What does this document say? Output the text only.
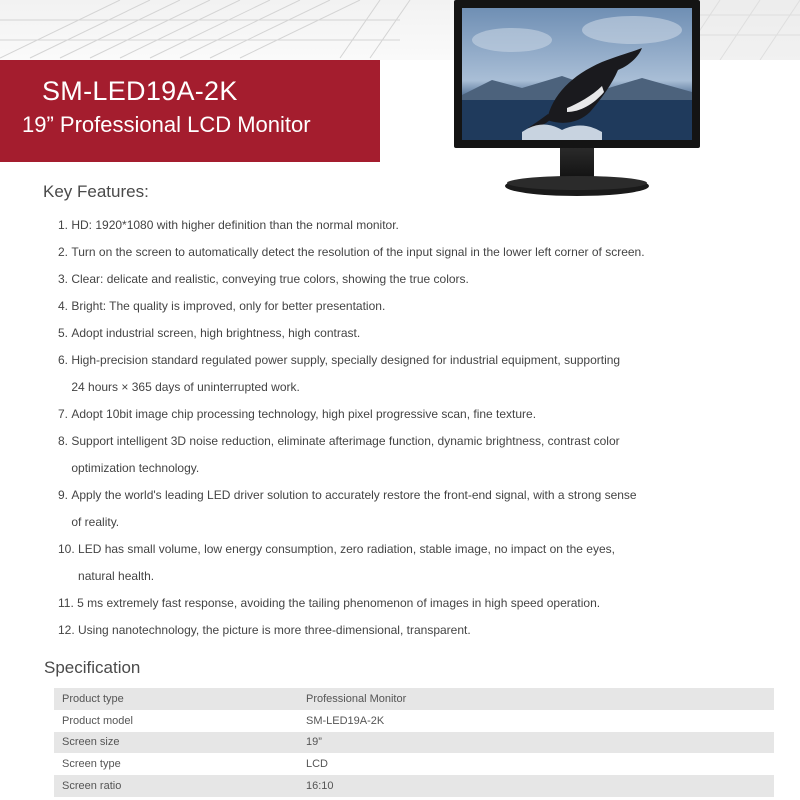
SM-LED19A-2K
19” Professional LCD Monitor
Key Features:
1. HD: 1920*1080 with higher definition than the normal monitor.
2. Turn on the screen to automatically detect the resolution of the input signal in the lower left corner of screen.
3. Clear: delicate and realistic, conveying true colors, showing the true colors.
4. Bright: The quality is improved, only for better presentation.
5. Adopt industrial screen, high brightness, high contrast.
6. High-precision standard regulated power supply, specially designed for industrial equipment, supporting
24 hours × 365 days of uninterrupted work.
7. Adopt 10bit image chip processing technology, high pixel progressive scan, fine texture.
8. Support intelligent 3D noise reduction, eliminate afterimage function, dynamic brightness, contrast color
optimization technology.
9. Apply the world's leading LED driver solution to accurately restore the front-end signal, with a strong sense
of reality.
10. LED has small volume, low energy consumption, zero radiation, stable image, no impact on the eyes,
natural health.
11. 5 ms extremely fast response, avoiding the tailing phenomenon of images in high speed operation.
12. Using nanotechnology, the picture is more three-dimensional, transparent.
Specification
Product type	Professional Monitor
Product model	SM-LED19A-2K
Screen size	19”
Screen type	LCD
Screen ratio	16:10
